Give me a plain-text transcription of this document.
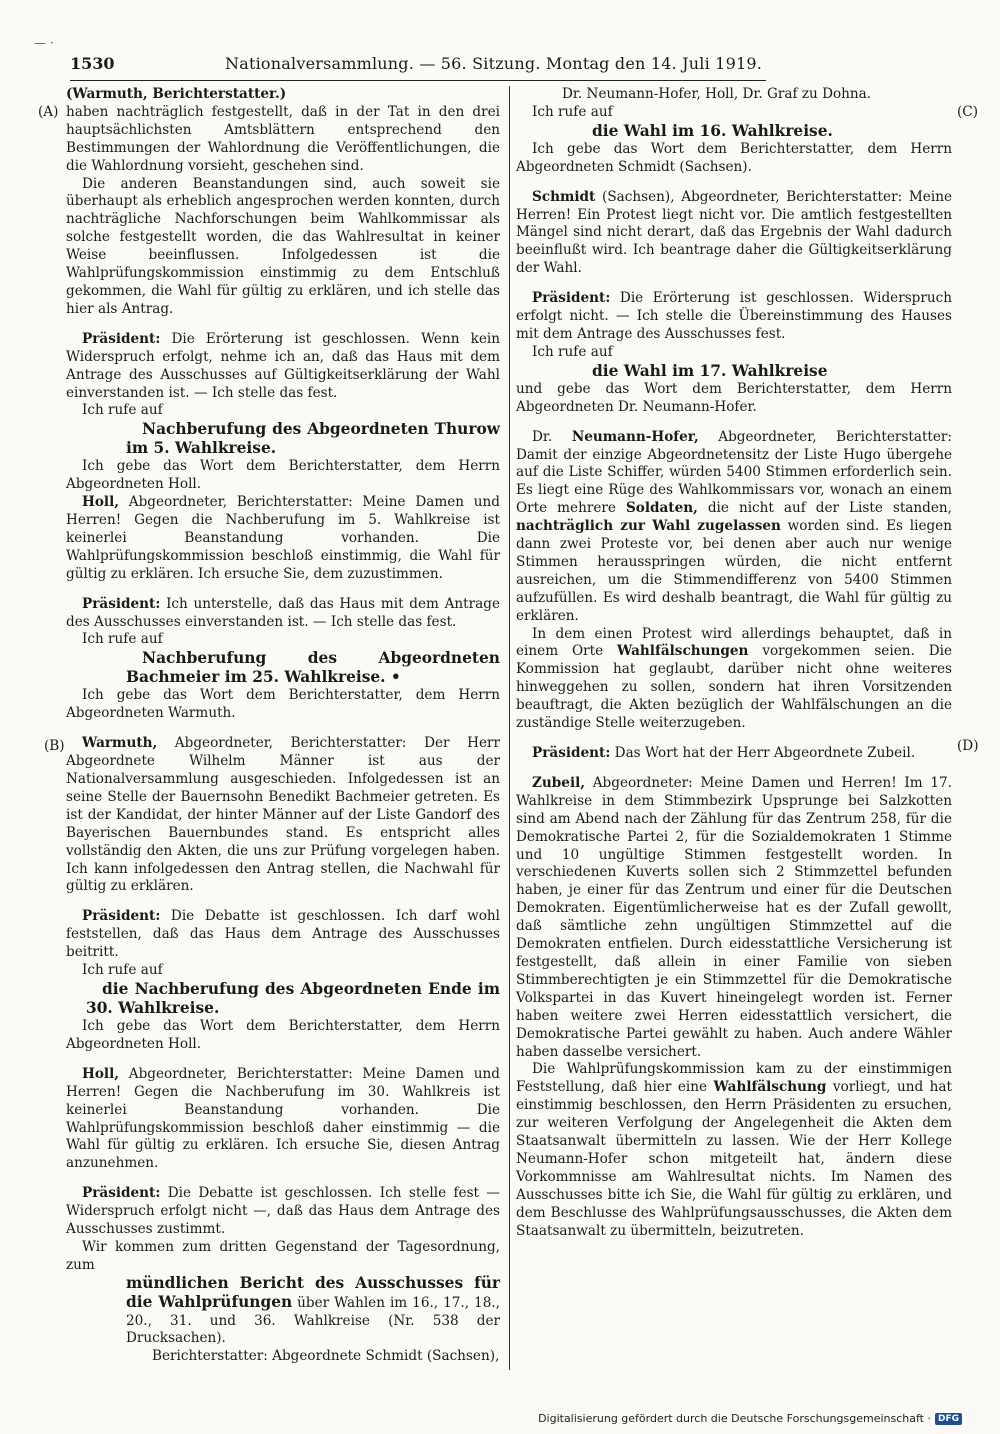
— ·
1530	Nationalversammlung. — 56. Sitzung. Montag den 14. Juli 1919.
(A)
(B)
(C)
(D)

(Warmuth, Berichterstatter.)

haben nachträglich festgestellt, daß in der Tat in den drei hauptsächlichsten Amtsblättern entsprechend den Bestimmungen der Wahlordnung die Veröffentlichungen, die die Wahlordnung vorsieht, geschehen sind.

Die anderen Beanstandungen sind, auch soweit sie überhaupt als erheblich angesprochen werden konnten, durch nachträgliche Nachforschungen beim Wahlkommissar als solche festgestellt worden, die das Wahlresultat in keiner Weise beeinflussen. Infolgedessen ist die Wahlprüfungskommission einstimmig zu dem Entschluß gekommen, die Wahl für gültig zu erklären, und ich stelle das hier als Antrag.

Präsident: Die Erörterung ist geschlossen. Wenn kein Widerspruch erfolgt, nehme ich an, daß das Haus mit dem Antrage des Ausschusses auf Gültigkeitserklärung der Wahl einverstanden ist. — Ich stelle das fest.

Ich rufe auf

Nachberufung des Abgeordneten Thurow im 5. Wahlkreise.

Ich gebe das Wort dem Berichterstatter, dem Herrn Abgeordneten Holl.

Holl, Abgeordneter, Berichterstatter: Meine Damen und Herren! Gegen die Nachberufung im 5. Wahlkreise ist keinerlei Beanstandung vorhanden. Die Wahlprüfungskommission beschloß einstimmig, die Wahl für gültig zu erklären. Ich ersuche Sie, dem zuzustimmen.

Präsident: Ich unterstelle, daß das Haus mit dem Antrage des Ausschusses einverstanden ist. — Ich stelle das fest.

Ich rufe auf

Nachberufung des Abgeordneten Bachmeier im 25. Wahlkreise. •

Ich gebe das Wort dem Berichterstatter, dem Herrn Abgeordneten Warmuth.

Warmuth, Abgeordneter, Berichterstatter: Der Herr Abgeordnete Wilhelm Männer ist aus der Nationalversammlung ausgeschieden. Infolgedessen ist an seine Stelle der Bauernsohn Benedikt Bachmeier getreten. Es ist der Kandidat, der hinter Männer auf der Liste Gandorf des Bayerischen Bauernbundes stand. Es entspricht alles vollständig den Akten, die uns zur Prüfung vorgelegen haben. Ich kann infolgedessen den Antrag stellen, die Nachwahl für gültig zu erklären.

Präsident: Die Debatte ist geschlossen. Ich darf wohl feststellen, daß das Haus dem Antrage des Ausschusses beitritt.

Ich rufe auf

die Nachberufung des Abgeordneten Ende im 30. Wahlkreise.

Ich gebe das Wort dem Berichterstatter, dem Herrn Abgeordneten Holl.

Holl, Abgeordneter, Berichterstatter: Meine Damen und Herren! Gegen die Nachberufung im 30. Wahlkreis ist keinerlei Beanstandung vorhanden. Die Wahlprüfungskommission beschloß daher einstimmig — die Wahl für gültig zu erklären. Ich ersuche Sie, diesen Antrag anzunehmen.

Präsident: Die Debatte ist geschlossen. Ich stelle fest — Widerspruch erfolgt nicht —, daß das Haus dem Antrage des Ausschusses zustimmt.

Wir kommen zum dritten Gegenstand der Tagesordnung, zum

mündlichen Bericht des Ausschusses für die Wahlprüfungen über Wahlen im 16., 17., 18., 20., 31. und 36. Wahlkreise (Nr. 538 der Drucksachen).

Berichterstatter: Abgeordnete Schmidt (Sachsen),

Dr. Neumann-Hofer, Holl, Dr. Graf zu Dohna.

Ich rufe auf

die Wahl im 16. Wahlkreise.

Ich gebe das Wort dem Berichterstatter, dem Herrn Abgeordneten Schmidt (Sachsen).

Schmidt (Sachsen), Abgeordneter, Berichterstatter: Meine Herren! Ein Protest liegt nicht vor. Die amtlich festgestellten Mängel sind nicht derart, daß das Ergebnis der Wahl dadurch beeinflußt wird. Ich beantrage daher die Gültigkeitserklärung der Wahl.

Präsident: Die Erörterung ist geschlossen. Widerspruch erfolgt nicht. — Ich stelle die Übereinstimmung des Hauses mit dem Antrage des Ausschusses fest.

Ich rufe auf

die Wahl im 17. Wahlkreise

und gebe das Wort dem Berichterstatter, dem Herrn Abgeordneten Dr. Neumann-Hofer.

Dr. Neumann-Hofer, Abgeordneter, Berichterstatter: Damit der einzige Abgeordnetensitz der Liste Hugo übergehe auf die Liste Schiffer, würden 5400 Stimmen erforderlich sein. Es liegt eine Rüge des Wahlkommissars vor, wonach an einem Orte mehrere Soldaten, die nicht auf der Liste standen, nachträglich zur Wahl zugelassen worden sind. Es liegen dann zwei Proteste vor, bei denen aber auch nur wenige Stimmen herausspringen würden, die nicht entfernt ausreichen, um die Stimmendifferenz von 5400 Stimmen aufzufüllen. Es wird deshalb beantragt, die Wahl für gültig zu erklären.

In dem einen Protest wird allerdings behauptet, daß in einem Orte Wahlfälschungen vorgekommen seien. Die Kommission hat geglaubt, darüber nicht ohne weiteres hinweggehen zu sollen, sondern hat ihren Vorsitzenden beauftragt, die Akten bezüglich der Wahlfälschungen an die zuständige Stelle weiterzugeben.

Präsident: Das Wort hat der Herr Abgeordnete Zubeil.

Zubeil, Abgeordneter: Meine Damen und Herren! Im 17. Wahlkreise in dem Stimmbezirk Upsprunge bei Salzkotten sind am Abend nach der Zählung für das Zentrum 258, für die Demokratische Partei 2, für die Sozialdemokraten 1 Stimme und 10 ungültige Stimmen festgestellt worden. In verschiedenen Kuverts sollen sich 2 Stimmzettel befunden haben, je einer für das Zentrum und einer für die Deutschen Demokraten. Eigentümlicherweise hat es der Zufall gewollt, daß sämtliche zehn ungültigen Stimmzettel auf die Demokraten entfielen. Durch eidesstattliche Versicherung ist festgestellt, daß allein in einer Familie von sieben Stimmberechtigten je ein Stimmzettel für die Demokratische Volkspartei in das Kuvert hineingelegt worden ist. Ferner haben weitere zwei Herren eidesstattlich versichert, die Demokratische Partei gewählt zu haben. Auch andere Wähler haben dasselbe versichert.

Die Wahlprüfungskommission kam zu der einstimmigen Feststellung, daß hier eine Wahlfälschung vorliegt, und hat einstimmig beschlossen, den Herrn Präsidenten zu ersuchen, zur weiteren Verfolgung der Angelegenheit die Akten dem Staatsanwalt übermitteln zu lassen. Wie der Herr Kollege Neumann-Hofer schon mitgeteilt hat, ändern diese Vorkommnisse am Wahlresultat nichts. Im Namen des Ausschusses bitte ich Sie, die Wahl für gültig zu erklären, und dem Beschlusse des Wahlprüfungsausschusses, die Akten dem Staatsanwalt zu übermitteln, beizutreten.

Digitalisierung gefördert durch die Deutsche Forschungsgemeinschaft · DFG
